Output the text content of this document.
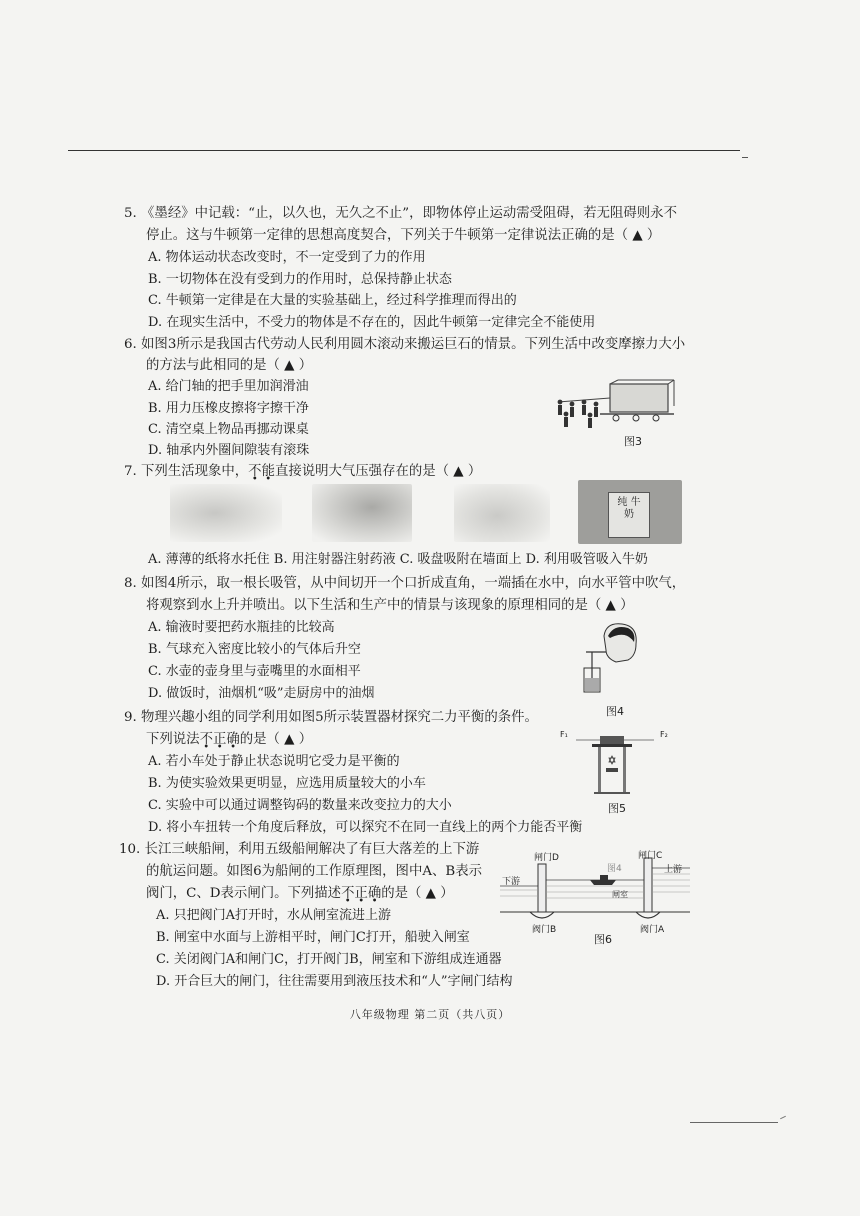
5. 《墨经》中记载：“止，以久也，无久之不止”，即物体停止运动需受阻碍，若无阻碍则永不
停止。这与牛顿第一定律的思想高度契合，下列关于牛顿第一定律说法正确的是（ ▲ ）
A. 物体运动状态改变时，不一定受到了力的作用
B. 一切物体在没有受到力的作用时，总保持静止状态
C. 牛顿第一定律是在大量的实验基础上，经过科学推理而得出的
D. 在现实生活中，不受力的物体是不存在的，因此牛顿第一定律完全不能使用
6. 如图3所示是我国古代劳动人民利用圆木滚动来搬运巨石的情景。下列生活中改变摩擦力大小
的方法与此相同的是（ ▲ ）
A. 给门轴的把手里加润滑油
B. 用力压橡皮擦将字擦干净
C. 清空桌上物品再挪动课桌
D. 轴承内外圈间隙装有滚珠
图3
7. 下列生活现象中，不能直接说明大气压强存在的是（ ▲ ）
纯 牛 奶
A. 薄薄的纸将水托住 B. 用注射器注射药液 C. 吸盘吸附在墙面上 D. 利用吸管吸入牛奶
8. 如图4所示，取一根长吸管，从中间切开一个口折成直角，一端插在水中，向水平管中吹气，
将观察到水上升并喷出。以下生活和生产中的情景与该现象的原理相同的是（ ▲ ）
A. 输液时要把药水瓶挂的比较高
B. 气球充入密度比较小的气体后升空
C. 水壶的壶身里与壶嘴里的水面相平
D. 做饭时，油烟机“吸”走厨房中的油烟
图4
9. 物理兴趣小组的同学利用如图5所示装置器材探究二力平衡的条件。
下列说法不正确的是（ ▲ ）
A. 若小车处于静止状态说明它受力是平衡的
B. 为使实验效果更明显，应选用质量较大的小车
C. 实验中可以通过调整钩码的数量来改变拉力的大小
D. 将小车扭转一个角度后释放，可以探究不在同一直线上的两个力能否平衡
F₁	F₂
图5
10. 长江三峡船闸，利用五级船闸解决了有巨大落差的上下游
的航运问题。如图6为船闸的工作原理图，图中A、B表示
阀门，C、D表示闸门。下列描述不正确的是（ ▲ ）
A. 只把阀门A打开时，水从闸室流进上游
B. 闸室中水面与上游相平时，闸门C打开，船驶入闸室
C. 关闭阀门A和闸门C，打开阀门B，闸室和下游组成连通器
D. 开合巨大的闸门，往往需要用到液压技术和“人”字闸门结构
闸门D	闸门C
图4	上游
下游
闸室
阀门B	阀门A
图6
八年级物理 第二页（共八页）
